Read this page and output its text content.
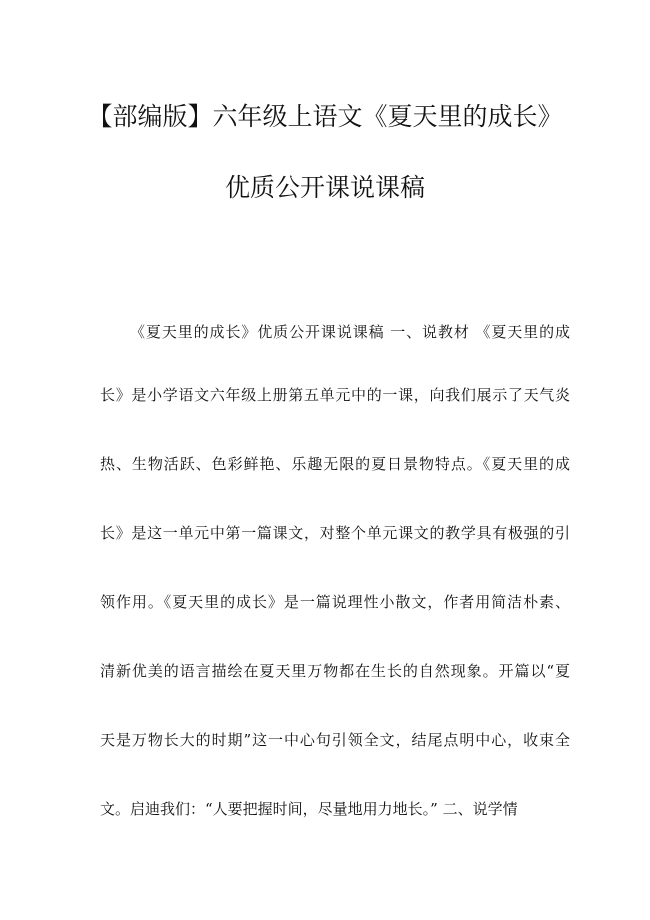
【部编版】六年级上语文《夏天里的成长》
优质公开课说课稿
《夏天里的成长》优质公开课说课稿 一、说教材 《夏天里的成
长》是小学语文六年级上册第五单元中的一课，向我们展示了天气炎
热、生物活跃、色彩鲜艳、乐趣无限的夏日景物特点。《夏天里的成
长》是这一单元中第一篇课文，对整个单元课文的教学具有极强的引
领作用。《夏天里的成长》是一篇说理性小散文，作者用简洁朴素、
清新优美的语言描绘在夏天里万物都在生长的自然现象。开篇以“夏
天是万物长大的时期”这一中心句引领全文，结尾点明中心，收束全
文。启迪我们：“人要把握时间，尽量地用力地长。” 二、说学情
